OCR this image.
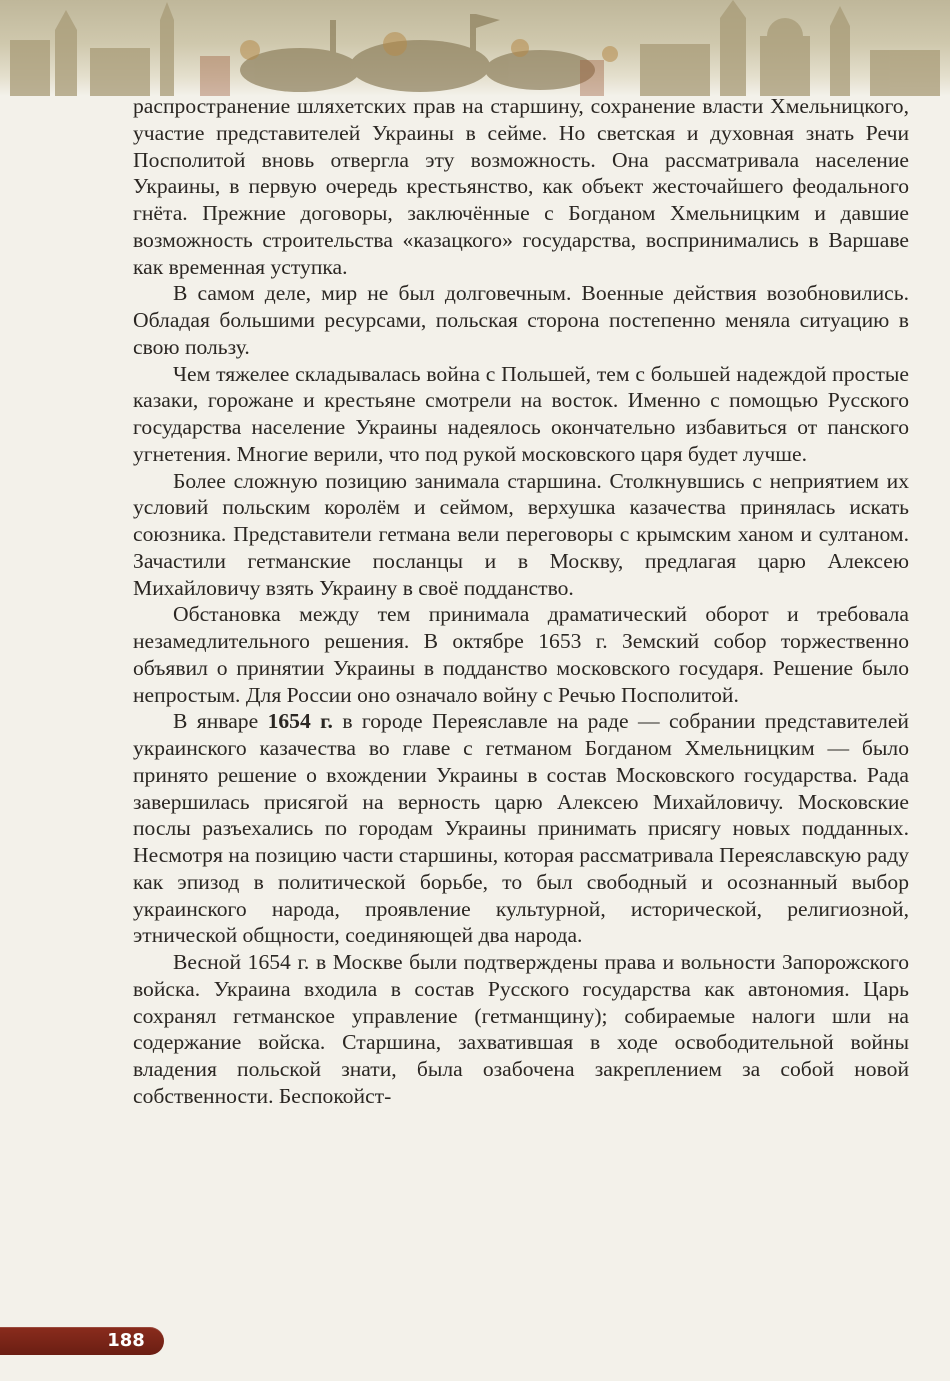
распространение шляхетских прав на старшину, сохранение власти Хмельницкого, участие представителей Украины в сейме. Но светская и духовная знать Речи Посполитой вновь отвергла эту возможность. Она рассматривала население Украины, в первую очередь крестьянство, как объект жесточайшего феодального гнёта. Прежние договоры, заключённые с Богданом Хмельницким и давшие возможность строительства «казацкого» государства, воспринимались в Варшаве как временная уступка.

В самом деле, мир не был долговечным. Военные действия возобновились. Обладая большими ресурсами, польская сторона постепенно меняла ситуацию в свою пользу.

Чем тяжелее складывалась война с Польшей, тем с большей надеждой простые казаки, горожане и крестьяне смотрели на восток. Именно с помощью Русского государства население Украины надеялось окончательно избавиться от панского угнетения. Многие верили, что под рукой московского царя будет лучше.

Более сложную позицию занимала старшина. Столкнувшись с неприятием их условий польским королём и сеймом, верхушка казачества принялась искать союзника. Представители гетмана вели переговоры с крымским ханом и султаном. Зачастили гетманские посланцы и в Москву, предлагая царю Алексею Михайловичу взять Украину в своё подданство.

Обстановка между тем принимала драматический оборот и требовала незамедлительного решения. В октябре 1653 г. Земский собор торжественно объявил о принятии Украины в подданство московского государя. Решение было непростым. Для России оно означало войну с Речью Посполитой.

В январе 1654 г. в городе Переяславле на раде — собрании представителей украинского казачества во главе с гетманом Богданом Хмельницким — было принято решение о вхождении Украины в состав Московского государства. Рада завершилась присягой на верность царю Алексею Михайловичу. Московские послы разъехались по городам Украины принимать присягу новых подданных. Несмотря на позицию части старшины, которая рассматривала Переяславскую раду как эпизод в политической борьбе, то был свободный и осознанный выбор украинского народа, проявление культурной, исторической, религиозной, этнической общности, соединяющей два народа.

Весной 1654 г. в Москве были подтверждены права и вольности Запорожского войска. Украина входила в состав Русского государства как автономия. Царь сохранял гетманское управление (гетманщину); собираемые налоги шли на содержание войска. Старшина, захватившая в ходе освободительной войны владения польской знати, была озабочена закреплением за собой новой собственности. Беспокойст-

188
